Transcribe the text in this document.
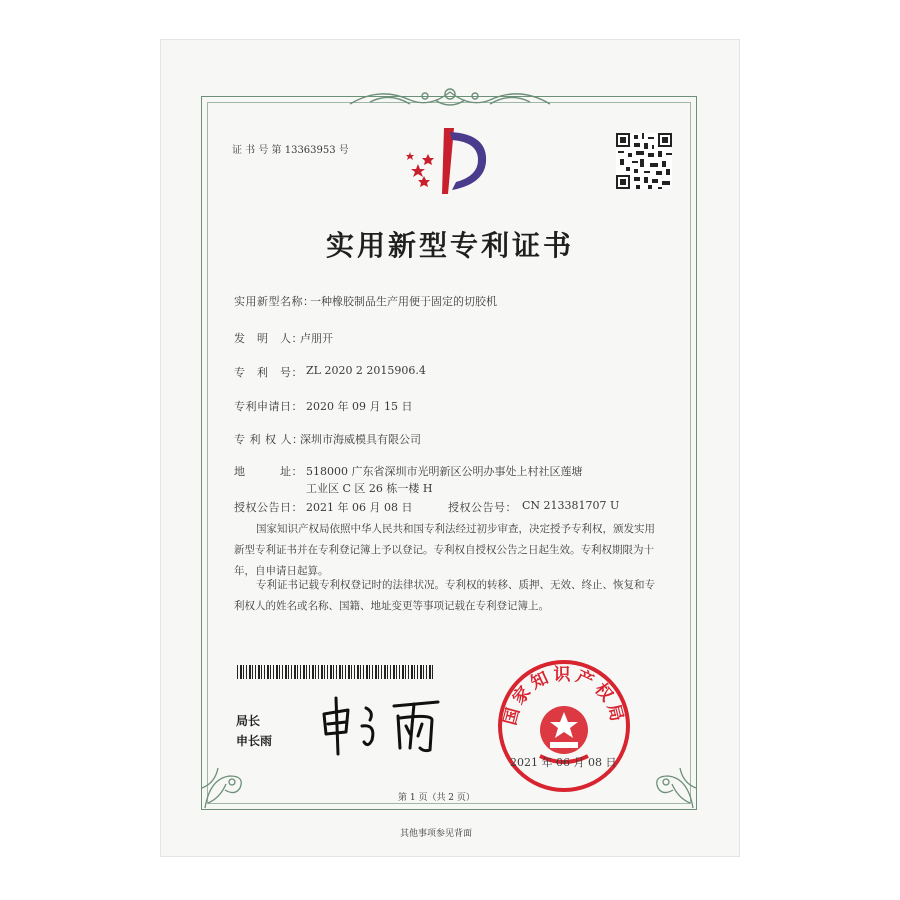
证 书 号 第 13363953 号
实用新型专利证书
实用新型名称：
一种橡胶制品生产用便于固定的切胶机
发　明　人：
卢朋开
专　利　号： ZL 2020 2 2015906.4
专利申请日： 2020 年 09 月 15 日
专 利 权 人：
深圳市海威模具有限公司
地　　　址： 518000 广东省深圳市光明新区公明办事处上村社区莲塘
工业区 C 区 26 栋一楼 H
授权公告日： 2021 年 06 月 08 日	授权公告号： CN 213381707 U
国家知识产权局依照中华人民共和国专利法经过初步审查，决定授予专利权，颁发实用新型专利证书并在专利登记簿上予以登记。专利权自授权公告之日起生效。专利权期限为十年，自申请日起算。
专利证书记载专利权登记时的法律状况。专利权的转移、质押、无效、终止、恢复和专利权人的姓名或名称、国籍、地址变更等事项记载在专利登记簿上。
局长
申长雨
国家知识产权局
2021 年 06 月 08 日
第 1 页（共 2 页）
其他事项参见背面
